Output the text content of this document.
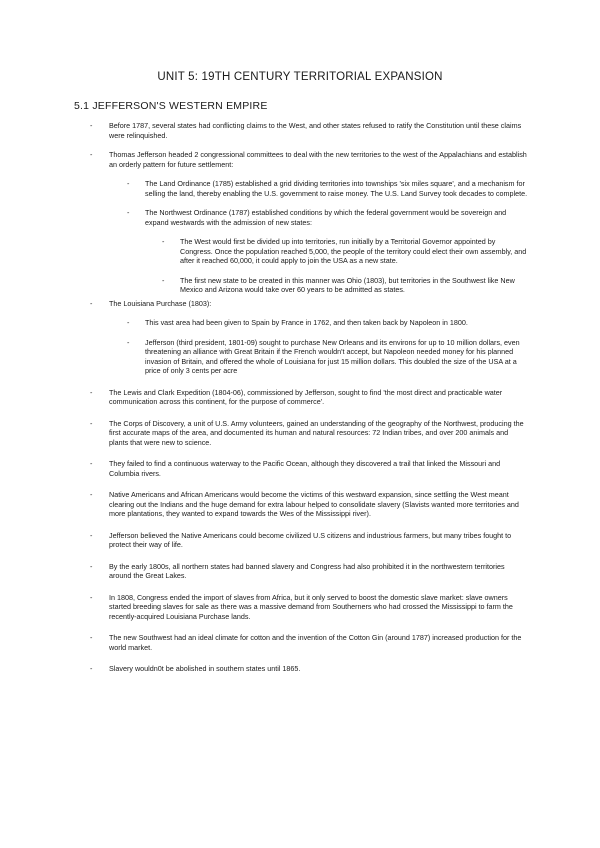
UNIT 5: 19TH CENTURY TERRITORIAL EXPANSION
5.1 JEFFERSON'S WESTERN EMPIRE
- Before 1787, several states had conflicting claims to the West, and other states refused to ratify the Constitution until these claims were relinquished.
- Thomas Jefferson headed 2 congressional committees to deal with the new territories to the west of the Appalachians and establish an orderly pattern for future settlement:
- The Land Ordinance (1785) established a grid dividing territories into townships 'six miles square', and a mechanism for selling the land, thereby enabling the U.S. government to raise money. The U.S. Land Survey took decades to complete.
- The Northwest Ordinance (1787) established conditions by which the federal government would be sovereign and expand westwards with the admission of new states:
- The West would first be divided up into territories, run initially by a Territorial Governor appointed by Congress. Once the population reached 5,000, the people of the territory could elect their own assembly, and after it reached 60,000, it could apply to join the USA as a new state.
- The first new state to be created in this manner was Ohio (1803), but territories in the Southwest like New Mexico and Arizona would take over 60 years to be admitted as states.
- The Louisiana Purchase (1803):
- This vast area had been given to Spain by France in 1762, and then taken back by Napoleon in 1800.
- Jefferson (third president, 1801-09) sought to purchase New Orleans and its environs for up to 10 million dollars, even threatening an alliance with Great Britain if the French wouldn't accept, but Napoleon needed money for his planned invasion of Britain, and offered the whole of Louisiana for just 15 million dollars. This doubled the size of the USA at a price of only 3 cents per acre
- The Lewis and Clark Expedition (1804-06), commissioned by Jefferson, sought to find 'the most direct and practicable water communication across this continent, for the purpose of commerce'.
- The Corps of Discovery, a unit of U.S. Army volunteers, gained an understanding of the geography of the Northwest, producing the first accurate maps of the area, and documented its human and natural resources: 72 Indian tribes, and over 200 animals and plants that were new to science.
- They failed to find a continuous waterway to the Pacific Ocean, although they discovered a trail that linked the Missouri and Columbia rivers.
- Native Americans and African Americans would become the victims of this westward expansion, since settling the West meant clearing out the Indians and the huge demand for extra labour helped to consolidate slavery (Slavists wanted more territories and more plantations, they wanted to expand towards the Wes of the Mississippi river).
- Jefferson believed the Native Americans could become civilized U.S citizens and industrious farmers, but many tribes fought to protect their way of life.
- By the early 1800s, all northern states had banned slavery and Congress had also prohibited it in the northwestern territories around the Great Lakes.
- In 1808, Congress ended the import of slaves from Africa, but it only served to boost the domestic slave market: slave owners started breeding slaves for sale as there was a massive demand from Southerners who had crossed the Mississippi to farm the recently-acquired Louisiana Purchase lands.
- The new Southwest had an ideal climate for cotton and the invention of the Cotton Gin (around 1787) increased production for the world market.
- Slavery wouldn0t be abolished in southern states until 1865.
